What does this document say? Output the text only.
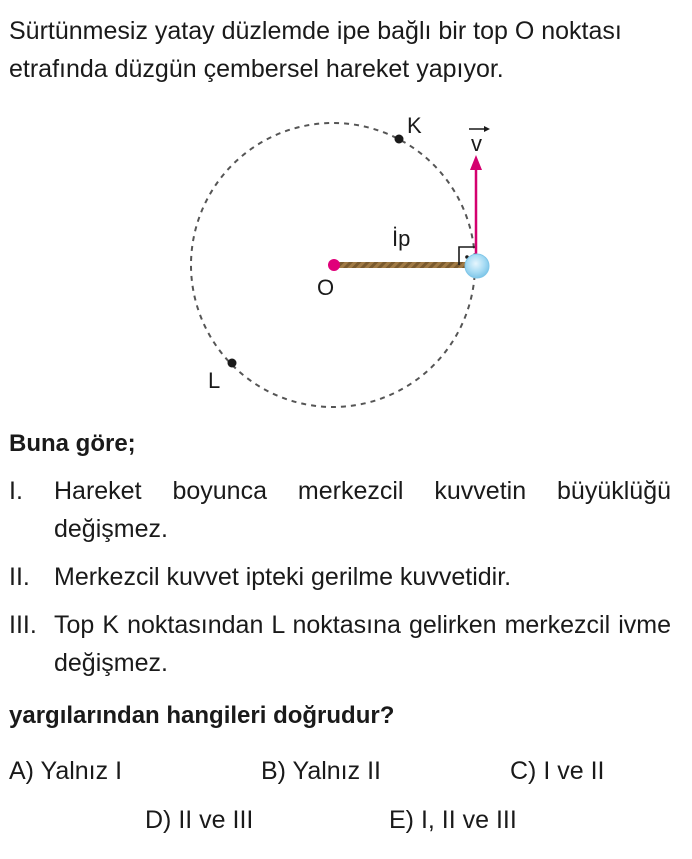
Sürtünmesiz yatay düzlemde ipe bağlı bir top O noktası etrafında düzgün çembersel hareket yapıyor.
K
L
O
İp
v
Buna göre;
I. Hareket boyunca merkezcil kuvvetin büyüklüğü değişmez.
II. Merkezcil kuvvet ipteki gerilme kuvvetidir.
III. Top K noktasından L noktasına gelirken merkezcil ivme değişmez.
yargılarından hangileri doğrudur?
A) Yalnız I	B) Yalnız II	C) I ve II
D) II ve III	E) I, II ve III
